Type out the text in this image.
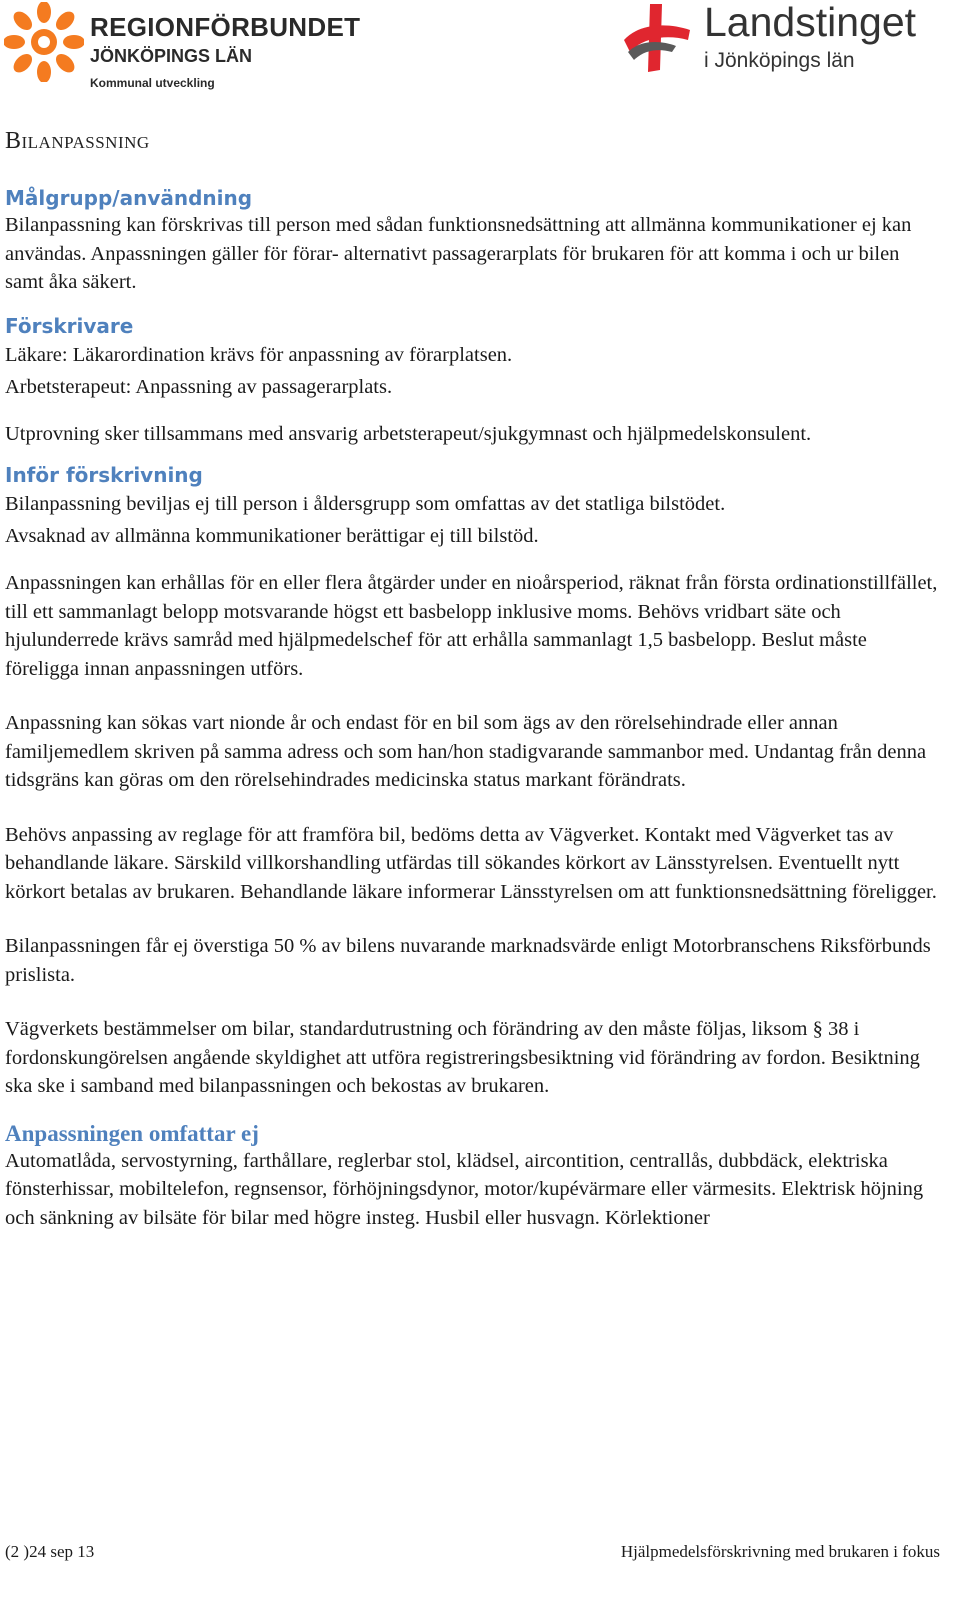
REGIONFÖRBUNDET
JÖNKÖPINGS LÄN
Kommunal utveckling
Landstinget
i Jönköpings län
Bilanpassning
Målgrupp/användning

Bilanpassning kan förskrivas till person med sådan funktionsnedsättning att allmänna kommunikationer ej kan användas. Anpassningen gäller för förar- alternativt passagerarplats för brukaren för att komma i och ur bilen samt åka säkert.

Förskrivare

Läkare: Läkarordination krävs för anpassning av förarplatsen.

Arbetsterapeut: Anpassning av passagerarplats.

Utprovning sker tillsammans med ansvarig arbetsterapeut/sjukgymnast och hjälpmedelskonsulent.

Inför förskrivning

Bilanpassning beviljas ej till person i åldersgrupp som omfattas av det statliga bilstödet.

Avsaknad av allmänna kommunikationer berättigar ej till bilstöd.

Anpassningen kan erhållas för en eller flera åtgärder under en nioårsperiod, räknat från första ordinationstillfället, till ett sammanlagt belopp motsvarande högst ett basbelopp inklusive moms. Behövs vridbart säte och hjulunderrede krävs samråd med hjälpmedelschef för att erhålla sammanlagt 1,5 basbelopp. Beslut måste föreligga innan anpassningen utförs.

Anpassning kan sökas vart nionde år och endast för en bil som ägs av den rörelsehindrade eller annan familjemedlem skriven på samma adress och som han/hon stadigvarande sammanbor med. Undantag från denna tidsgräns kan göras om den rörelsehindrades medicinska status markant förändrats.

Behövs anpassing av reglage för att framföra bil, bedöms detta av Vägverket. Kontakt med Vägverket tas av behandlande läkare. Särskild villkorshandling utfärdas till sökandes körkort av Länsstyrelsen. Eventuellt nytt körkort betalas av brukaren. Behandlande läkare informerar Länsstyrelsen om att funktionsnedsättning föreligger.

Bilanpassningen får ej överstiga 50 % av bilens nuvarande marknadsvärde enligt Motorbranschens Riksförbunds prislista.

Vägverkets bestämmelser om bilar, standardutrustning och förändring av den måste följas, liksom § 38 i fordonskungörelsen angående skyldighet att utföra registreringsbesiktning vid förändring av fordon. Besiktning ska ske i samband med bilanpassningen och bekostas av brukaren.

Anpassningen omfattar ej

Automatlåda, servostyrning, farthållare, reglerbar stol, klädsel, aircontition, centrallås, dubbdäck, elektriska fönsterhissar, mobiltelefon, regnsensor, förhöjningsdynor, motor/kupévärmare eller värmesits. Elektrisk höjning och sänkning av bilsäte för bilar med högre insteg. Husbil eller husvagn. Körlektioner

(2 )24 sep 13	Hjälpmedelsförskrivning med brukaren i fokus
